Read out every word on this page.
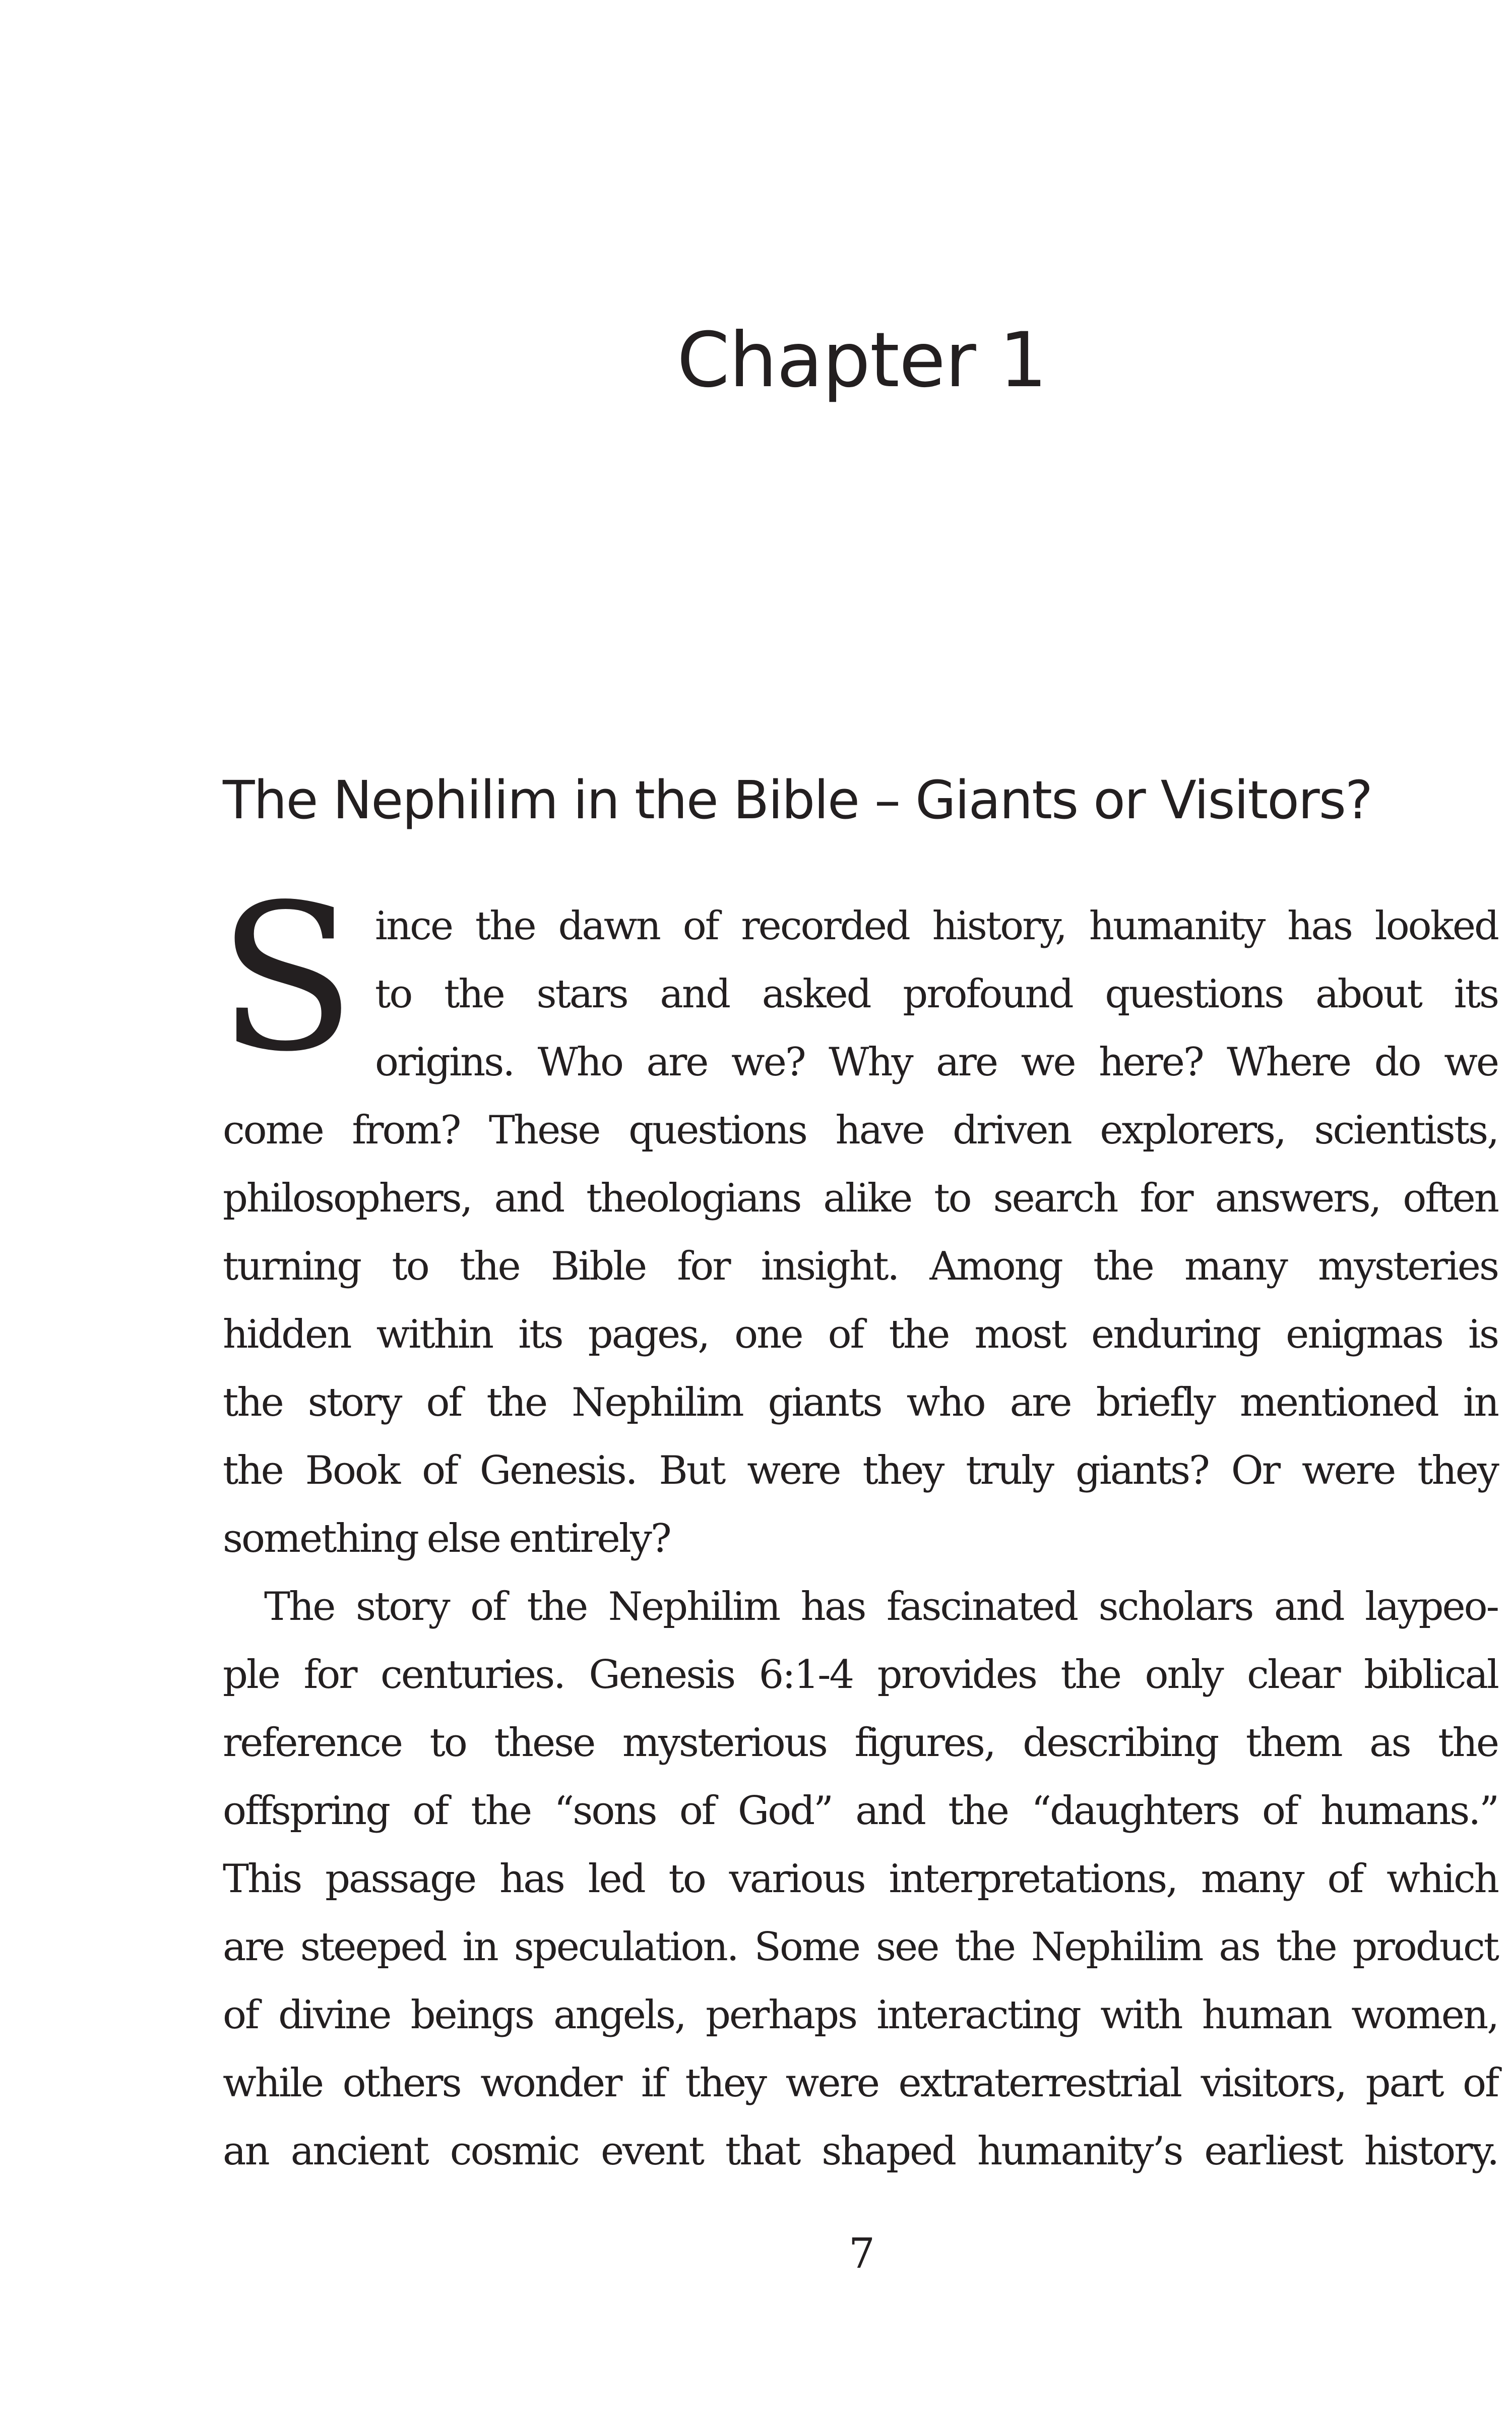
Chapter 1
The Nephilim in the Bible – Giants or Visitors?

S ince the dawn of recorded history, humanity has looked
to the stars and asked profound questions about its
origins. Who are we? Why are we here? Where do we
come from? These questions have driven explorers, scientists,
philosophers, and theologians alike to search for answers, often
turning to the Bible for insight. Among the many mysteries
hidden within its pages, one of the most enduring enigmas is
the story of the Nephilim giants who are briefly mentioned in
the Book of Genesis. But were they truly giants? Or were they
something else entirely?

The story of the Nephilim has fascinated scholars and laypeo-
ple for centuries. Genesis 6:1-4 provides the only clear biblical
reference to these mysterious figures, describing them as the
offspring of the “sons of God” and the “daughters of humans.”
This passage has led to various interpretations, many of which
are steeped in speculation. Some see the Nephilim as the product
of divine beings angels, perhaps interacting with human women,
while others wonder if they were extraterrestrial visitors, part of
an ancient cosmic event that shaped humanity’s earliest history.

7
